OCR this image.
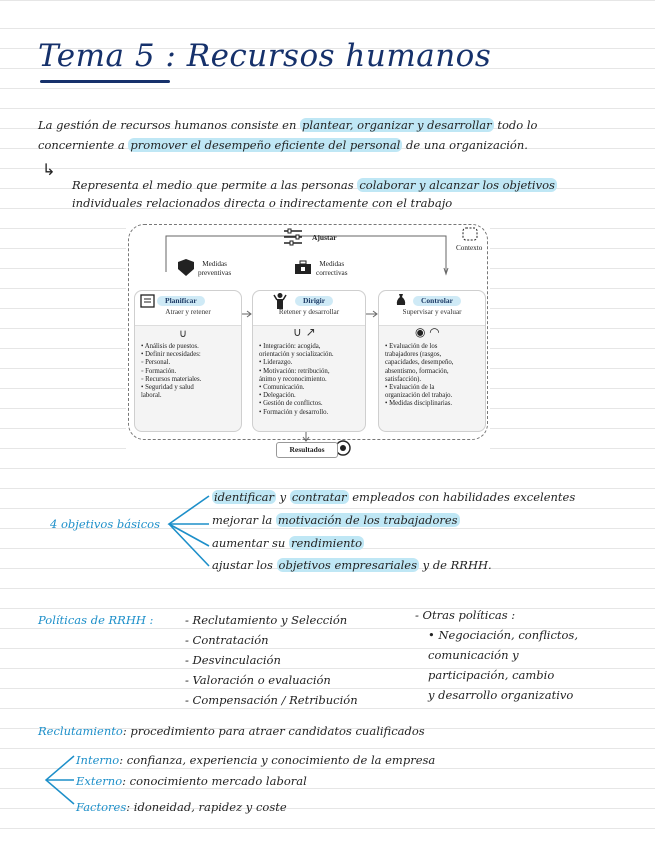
Tema 5 : Recursos humanos
La gestión de recursos humanos consiste en plantear, organizar y desarrollar todo lo
concerniente a promover el desempeño eficiente del personal de una organización.
↳
Representa el medio que permite a las personas colaborar y alcanzar los objetivos
individuales relacionados directa o indirectamente con el trabajo
Ajustar
Contexto
Medidas
preventivas
Medidas
correctivas
Planificar
Atraer y retener
∪
• Análisis de puestos.
• Definir necesidades:
◦ Personal.
◦ Formación.
◦ Recursos materiales.
• Seguridad y salud
laboral.
Dirigir
Retener y desarrollar
∪ ↗
• Integración: acogida,
orientación y socialización.
• Liderazgo.
• Motivación: retribución,
ánimo y reconocimiento.
• Comunicación.
• Delegación.
• Gestión de conflictos.
• Formación y desarrollo.
Controlar
Supervisar y evaluar
◉ ◠
• Evaluación de los
trabajadores (rasgos,
capacidades, desempeño,
absentismo, formación,
satisfacción).
• Evaluación de la
organización del trabajo.
• Medidas disciplinarias.
Resultados
4 objetivos básicos
identificar y contratar empleados con habilidades excelentes
mejorar la motivación de los trabajadores
aumentar su rendimiento
ajustar los objetivos empresariales y de RRHH.
Políticas de RRHH :	- Reclutamiento y Selección
- Contratación
- Desvinculación
- Valoración o evaluación
- Compensación / Retribución
- Otras políticas :
• Negociación, conflictos,
comunicación y
participación, cambio
y desarrollo organizativo
Reclutamiento: procedimiento para atraer candidatos cualificados
Interno: confianza, experiencia y conocimiento de la empresa
Externo: conocimiento mercado laboral
Factores: idoneidad, rapidez y coste
